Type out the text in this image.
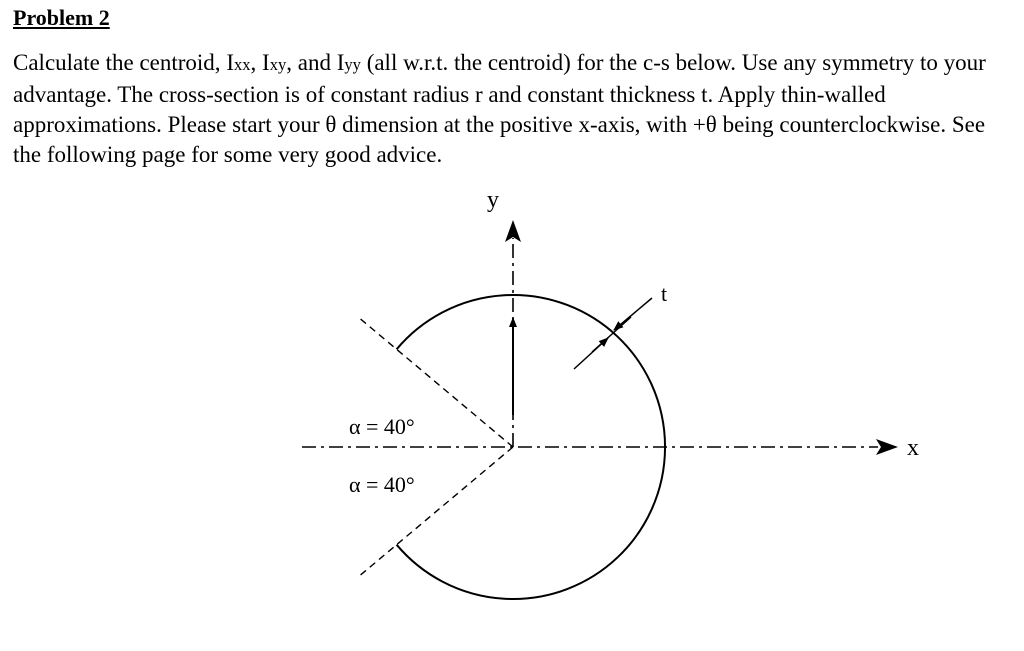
Problem 2

Calculate the centroid, Ixx, Ixy, and Iyy (all w.r.t. the centroid) for the c-s below. Use any symmetry to your advantage. The cross-section is of constant radius r and constant thickness t. Apply thin-walled approximations. Please start your θ dimension at the positive x-axis, with +θ being counterclockwise. See the following page for some very good advice.

y
x
t
α = 40°
α = 40°
